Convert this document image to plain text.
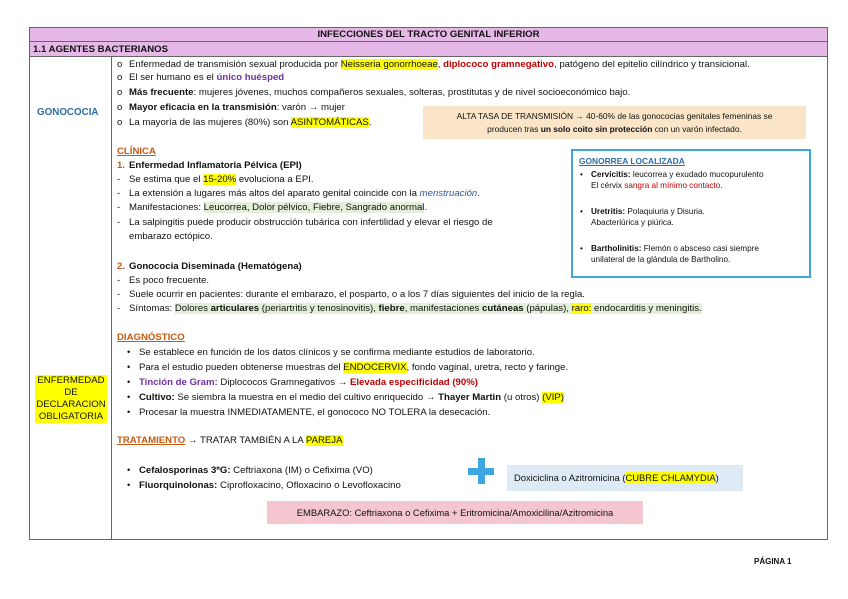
INFECCIONES DEL TRACTO GENITAL INFERIOR
1.1 AGENTES BACTERIANOS
GONOCOCIA
ENFERMEDAD
DE
DECLARACION
OBLIGATORIA
o Enfermedad de transmisión sexual producida por Neisseria gonorrhoeae, diplococo gramnegativo, patógeno del epitelio cilíndrico y transicional.
o El ser humano es el único huésped
o Más frecuente: mujeres jóvenes, muchos compañeros sexuales, solteras, prostitutas y de nivel socioeconómico bajo.
o Mayor eficacia en la transmisión: varón → mujer
o La mayoría de las mujeres (80%) son ASINTOMÁTICAS.
CLÍNICA
1. Enfermedad Inflamatoria Pélvica (EPI)
- Se estima que el 15-20% evoluciona a EPI.
- La extensión a lugares más altos del aparato genital coincide con la menstruación.
- Manifestaciones: Leucorrea, Dolor pélvico, Fiebre, Sangrado anormal.
- La salpingitis puede producir obstrucción tubárica con infertilidad y elevar el riesgo de
embarazo ectópico.
2. Gonococia Diseminada (Hematógena)
- Es poco frecuente.
- Suele ocurrir en pacientes: durante el embarazo, el posparto, o a los 7 días siguientes del inicio de la regla.
- Síntomas: Dolores articulares (periartritis y tenosinovitis), fiebre, manifestaciones cutáneas (pápulas), raro: endocarditis y meningitis.
DIAGNÓSTICO
• Se establece en función de los datos clínicos y se confirma mediante estudios de laboratorio.
• Para el estudio pueden obtenerse muestras del ENDOCERVIX, fondo vaginal, uretra, recto y faringe.
• Tinción de Gram: Diplococos Gramnegativos → Elevada especificidad (90%)
• Cultivo: Se siembra la muestra en el medio del cultivo enriquecido → Thayer Martin (u otros) (VIP)
• Procesar la muestra INMEDIATAMENTE, el gonococo NO TOLERA la desecación.
TRATAMIENTO → TRATAR TAMBIÉN A LA PAREJA
• Cefalosporinas 3ªG: Ceftriaxona (IM) o Cefixima (VO)
• Fluorquinolonas: Ciprofloxacino, Ofloxacino o Levofloxacino
ALTA TASA DE TRANSMISIÓN → 40-60% de las gonococias genitales femeninas se
producen tras un solo coito sin protección con un varón infectado.
GONORREA LOCALIZADA
• Cervicitis: leucorrea y exudado mucopurulento
El cérvix sangra al mínimo contacto.
• Uretritis: Polaquiuria y Disuria.
Abacteriúrica y piúrica.
• Bartholinitis: Flemón o absceso casi siempre
unilateral de la glándula de Bartholino.
Doxiciclina o Azitromicina (CUBRE CHLAMYDIA)
EMBARAZO: Ceftriaxona o Cefixima + Eritromicina/Amoxicilina/Azitromicina
PÁGINA 1
